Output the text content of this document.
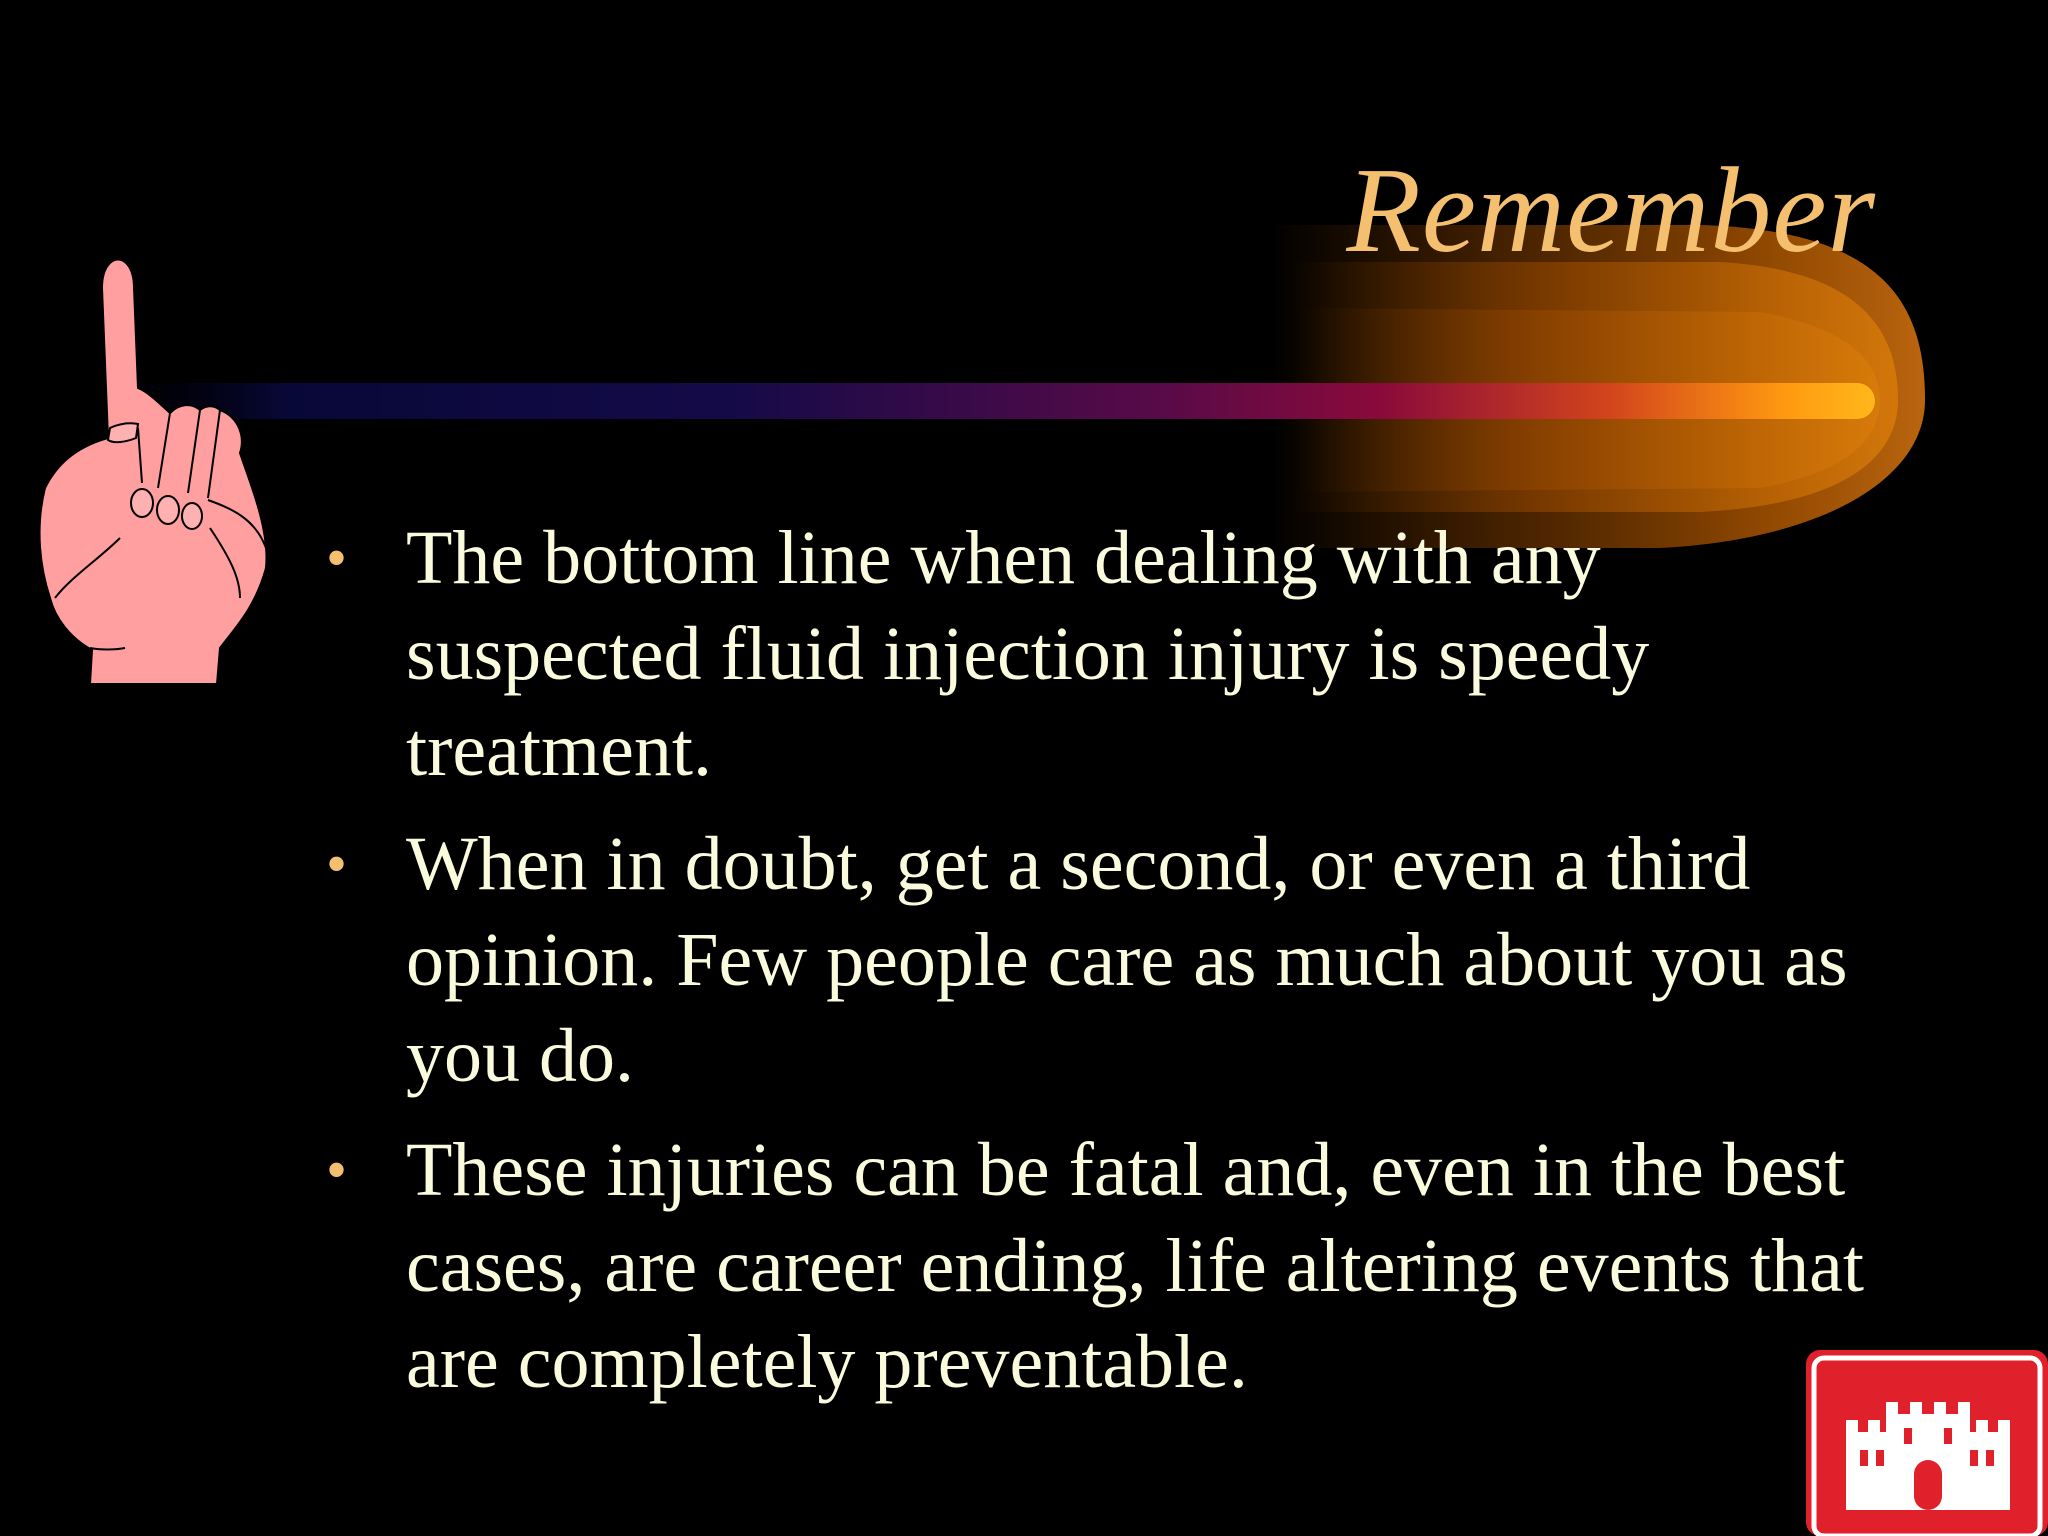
Remember
• The bottom line when dealing with any suspected fluid injection injury is speedy treatment.
• When in doubt, get a second, or even a third opinion. Few people care as much about you as you do.
• These injuries can be fatal and, even in the best cases, are career ending, life altering events that are completely preventable.
